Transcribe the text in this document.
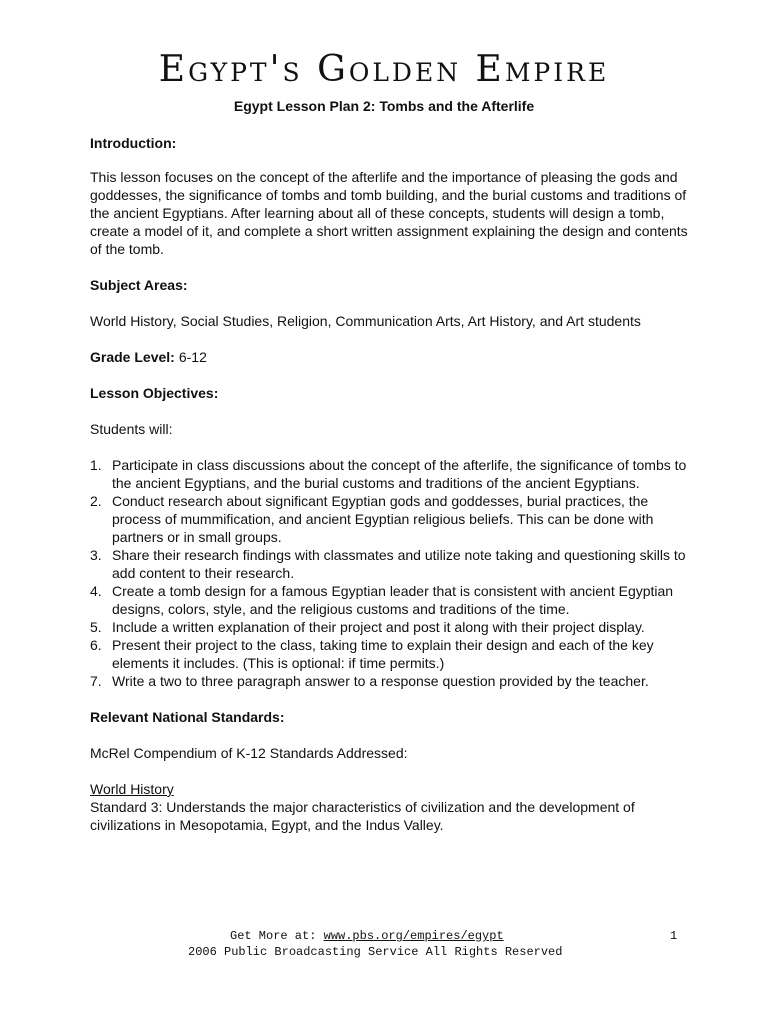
Egypt's Golden Empire
Egypt Lesson Plan 2: Tombs and the Afterlife

Introduction:

This lesson focuses on the concept of the afterlife and the importance of pleasing the gods and goddesses, the significance of tombs and tomb building, and the burial customs and traditions of the ancient Egyptians. After learning about all of these concepts, students will design a tomb, create a model of it, and complete a short written assignment explaining the design and contents of the tomb.

Subject Areas:

World History, Social Studies, Religion, Communication Arts, Art History, and Art students

Grade Level: 6-12

Lesson Objectives:

Students will:

1. Participate in class discussions about the concept of the afterlife, the significance of tombs to the ancient Egyptians, and the burial customs and traditions of the ancient Egyptians.
2. Conduct research about significant Egyptian gods and goddesses, burial practices, the process of mummification, and ancient Egyptian religious beliefs. This can be done with partners or in small groups.
3. Share their research findings with classmates and utilize note taking and questioning skills to add content to their research.
4. Create a tomb design for a famous Egyptian leader that is consistent with ancient Egyptian designs, colors, style, and the religious customs and traditions of the time.
5. Include a written explanation of their project and post it along with their project display.
6. Present their project to the class, taking time to explain their design and each of the key elements it includes. (This is optional: if time permits.)
7. Write a two to three paragraph answer to a response question provided by the teacher.

Relevant National Standards:

McRel Compendium of K-12 Standards Addressed:

World History

Standard 3: Understands the major characteristics of civilization and the development of civilizations in Mesopotamia, Egypt, and the Indus Valley.

Get More at: www.pbs.org/empires/egypt	1
2006 Public Broadcasting Service All Rights Reserved
